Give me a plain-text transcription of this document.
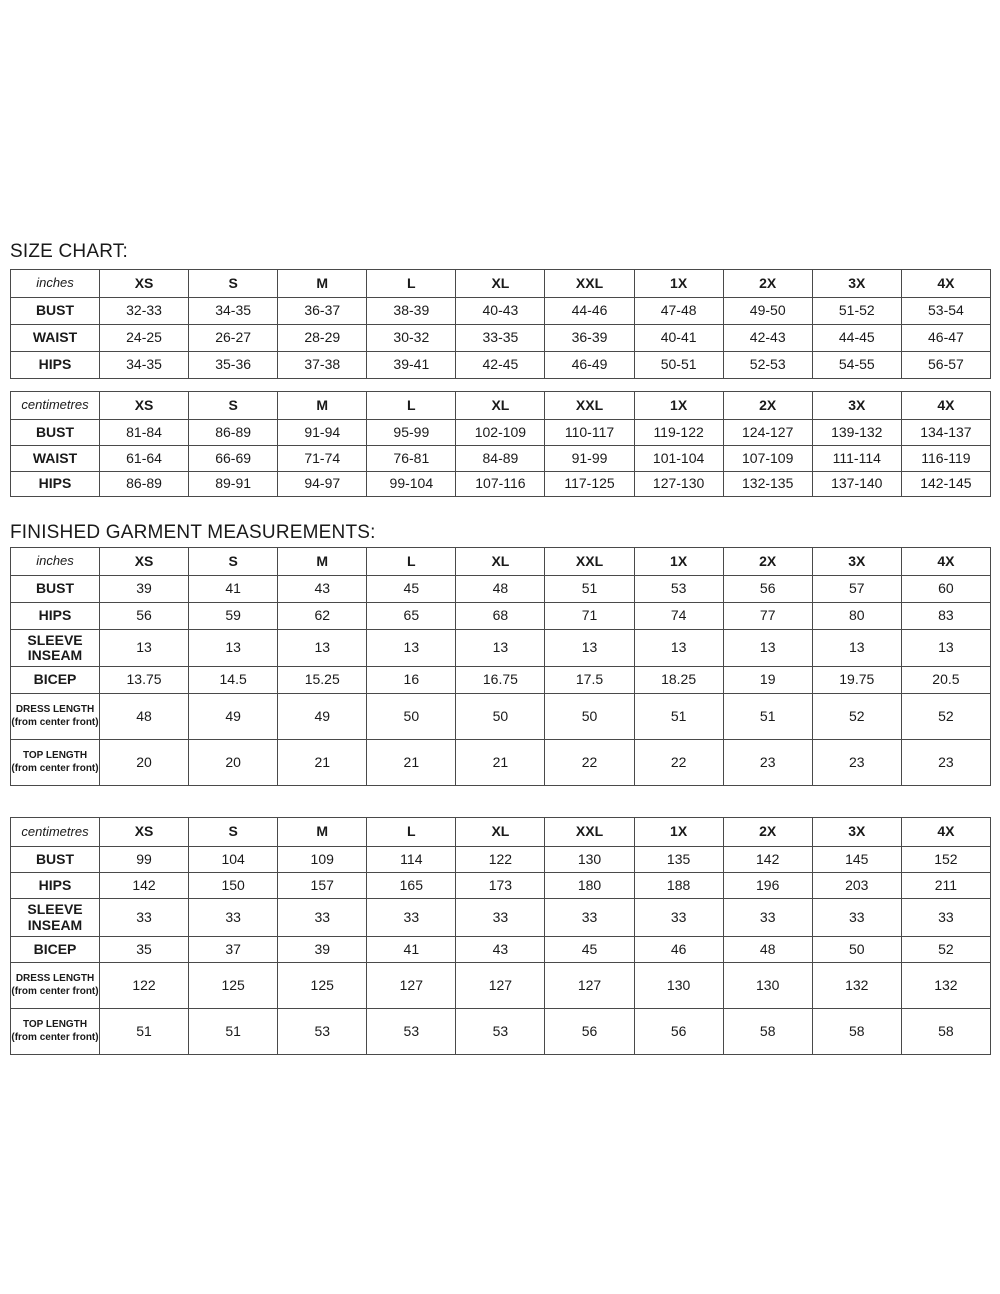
SIZE CHART:
inches	XS	S	M	L	XL	XXL	1X	2X	3X	4X
BUST	32-33	34-35	36-37	38-39	40-43	44-46	47-48	49-50	51-52	53-54
WAIST	24-25	26-27	28-29	30-32	33-35	36-39	40-41	42-43	44-45	46-47
HIPS	34-35	35-36	37-38	39-41	42-45	46-49	50-51	52-53	54-55	56-57
centimetres	XS	S	M	L	XL	XXL	1X	2X	3X	4X
BUST	81-84	86-89	91-94	95-99	102-109	110-117	119-122	124-127	139-132	134-137
WAIST	61-64	66-69	71-74	76-81	84-89	91-99	101-104	107-109	111-114	116-119
HIPS	86-89	89-91	94-97	99-104	107-116	117-125	127-130	132-135	137-140	142-145
FINISHED GARMENT MEASUREMENTS:
inches	XS	S	M	L	XL	XXL	1X	2X	3X	4X
BUST	39	41	43	45	48	51	53	56	57	60
HIPS	56	59	62	65	68	71	74	77	80	83
SLEEVE INSEAM	13	13	13	13	13	13	13	13	13	13
BICEP	13.75	14.5	15.25	16	16.75	17.5	18.25	19	19.75	20.5
DRESS LENGTH (from center front)	48	49	49	50	50	50	51	51	52	52
TOP LENGTH (from center front)	20	20	21	21	21	22	22	23	23	23
centimetres	XS	S	M	L	XL	XXL	1X	2X	3X	4X
BUST	99	104	109	114	122	130	135	142	145	152
HIPS	142	150	157	165	173	180	188	196	203	211
SLEEVE INSEAM	33	33	33	33	33	33	33	33	33	33
BICEP	35	37	39	41	43	45	46	48	50	52
DRESS LENGTH (from center front)	122	125	125	127	127	127	130	130	132	132
TOP LENGTH (from center front)	51	51	53	53	53	56	56	58	58	58
